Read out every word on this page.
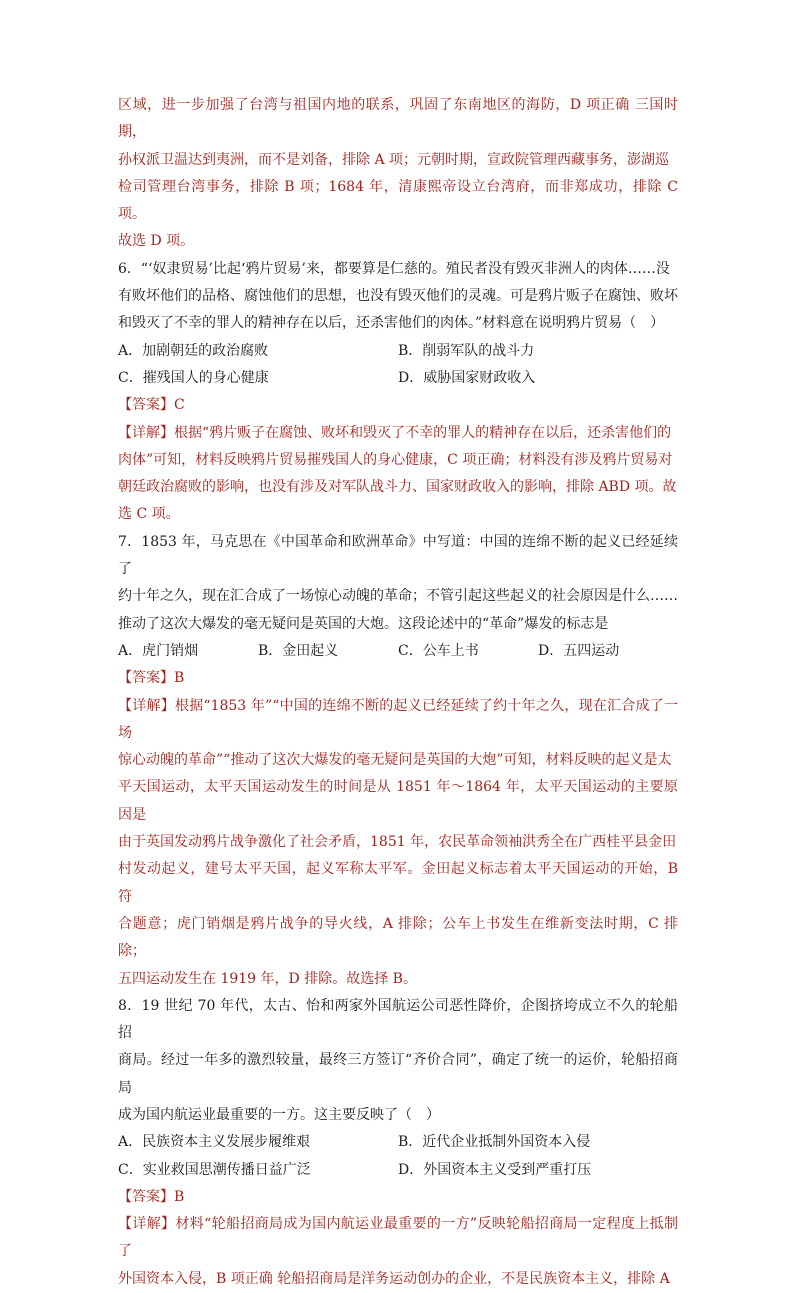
区域，进一步加强了台湾与祖国内地的联系，巩固了东南地区的海防，D 项正确 三国时期，
孙权派卫温达到夷洲，而不是刘备，排除 A 项；元朝时期，宣政院管理西藏事务，澎湖巡
检司管理台湾事务，排除 B 项；1684 年，清康熙帝设立台湾府，而非郑成功，排除 C 项。
故选 D 项。
6．“‘奴隶贸易’比起‘鸦片贸易’来，都要算是仁慈的。殖民者没有毁灭非洲人的肉体……没
有败坏他们的品格、腐蚀他们的思想，也没有毁灭他们的灵魂。可是鸦片贩子在腐蚀、败坏
和毁灭了不幸的罪人的精神存在以后，还杀害他们的肉体。”材料意在说明鸦片贸易（　）
A．加剧朝廷的政治腐败	B．削弱军队的战斗力
C．摧残国人的身心健康	D．威胁国家财政收入
【答案】C
【详解】根据“鸦片贩子在腐蚀、败坏和毁灭了不幸的罪人的精神存在以后，还杀害他们的
肉体”可知，材料反映鸦片贸易摧残国人的身心健康，C 项正确；材料没有涉及鸦片贸易对
朝廷政治腐败的影响，也没有涉及对军队战斗力、国家财政收入的影响，排除 ABD 项。故
选 C 项。
7．1853 年，马克思在《中国革命和欧洲革命》中写道：中国的连绵不断的起义已经延续了
约十年之久，现在汇合成了一场惊心动魄的革命；不管引起这些起义的社会原因是什么……
推动了这次大爆发的毫无疑问是英国的大炮。这段论述中的“革命”爆发的标志是
A．虎门销烟	B．金田起义	C．公车上书	D．五四运动
【答案】B
【详解】根据“1853 年”“中国的连绵不断的起义已经延续了约十年之久，现在汇合成了一场
惊心动魄的革命”“推动了这次大爆发的毫无疑问是英国的大炮”可知，材料反映的起义是太
平天国运动，太平天国运动发生的时间是从 1851 年～1864 年，太平天国运动的主要原因是
由于英国发动鸦片战争激化了社会矛盾，1851 年，农民革命领袖洪秀全在广西桂平县金田
村发动起义，建号太平天国，起义军称太平军。金田起义标志着太平天国运动的开始，B 符
合题意；虎门销烟是鸦片战争的导火线，A 排除；公车上书发生在维新变法时期，C 排除；
五四运动发生在 1919 年，D 排除。故选择 B。
8．19 世纪 70 年代，太古、怡和两家外国航运公司恶性降价，企图挤垮成立不久的轮船招
商局。经过一年多的激烈较量，最终三方签订“齐价合同”，确定了统一的运价，轮船招商局
成为国内航运业最重要的一方。这主要反映了（　）
A．民族资本主义发展步履维艰	B．近代企业抵制外国资本入侵
C．实业救国思潮传播日益广泛	D．外国资本主义受到严重打压
【答案】B
【详解】材料“轮船招商局成为国内航运业最重要的一方”反映轮船招商局一定程度上抵制了
外国资本入侵，B 项正确 轮船招商局是洋务运动创办的企业，不是民族资本主义，排除 A
